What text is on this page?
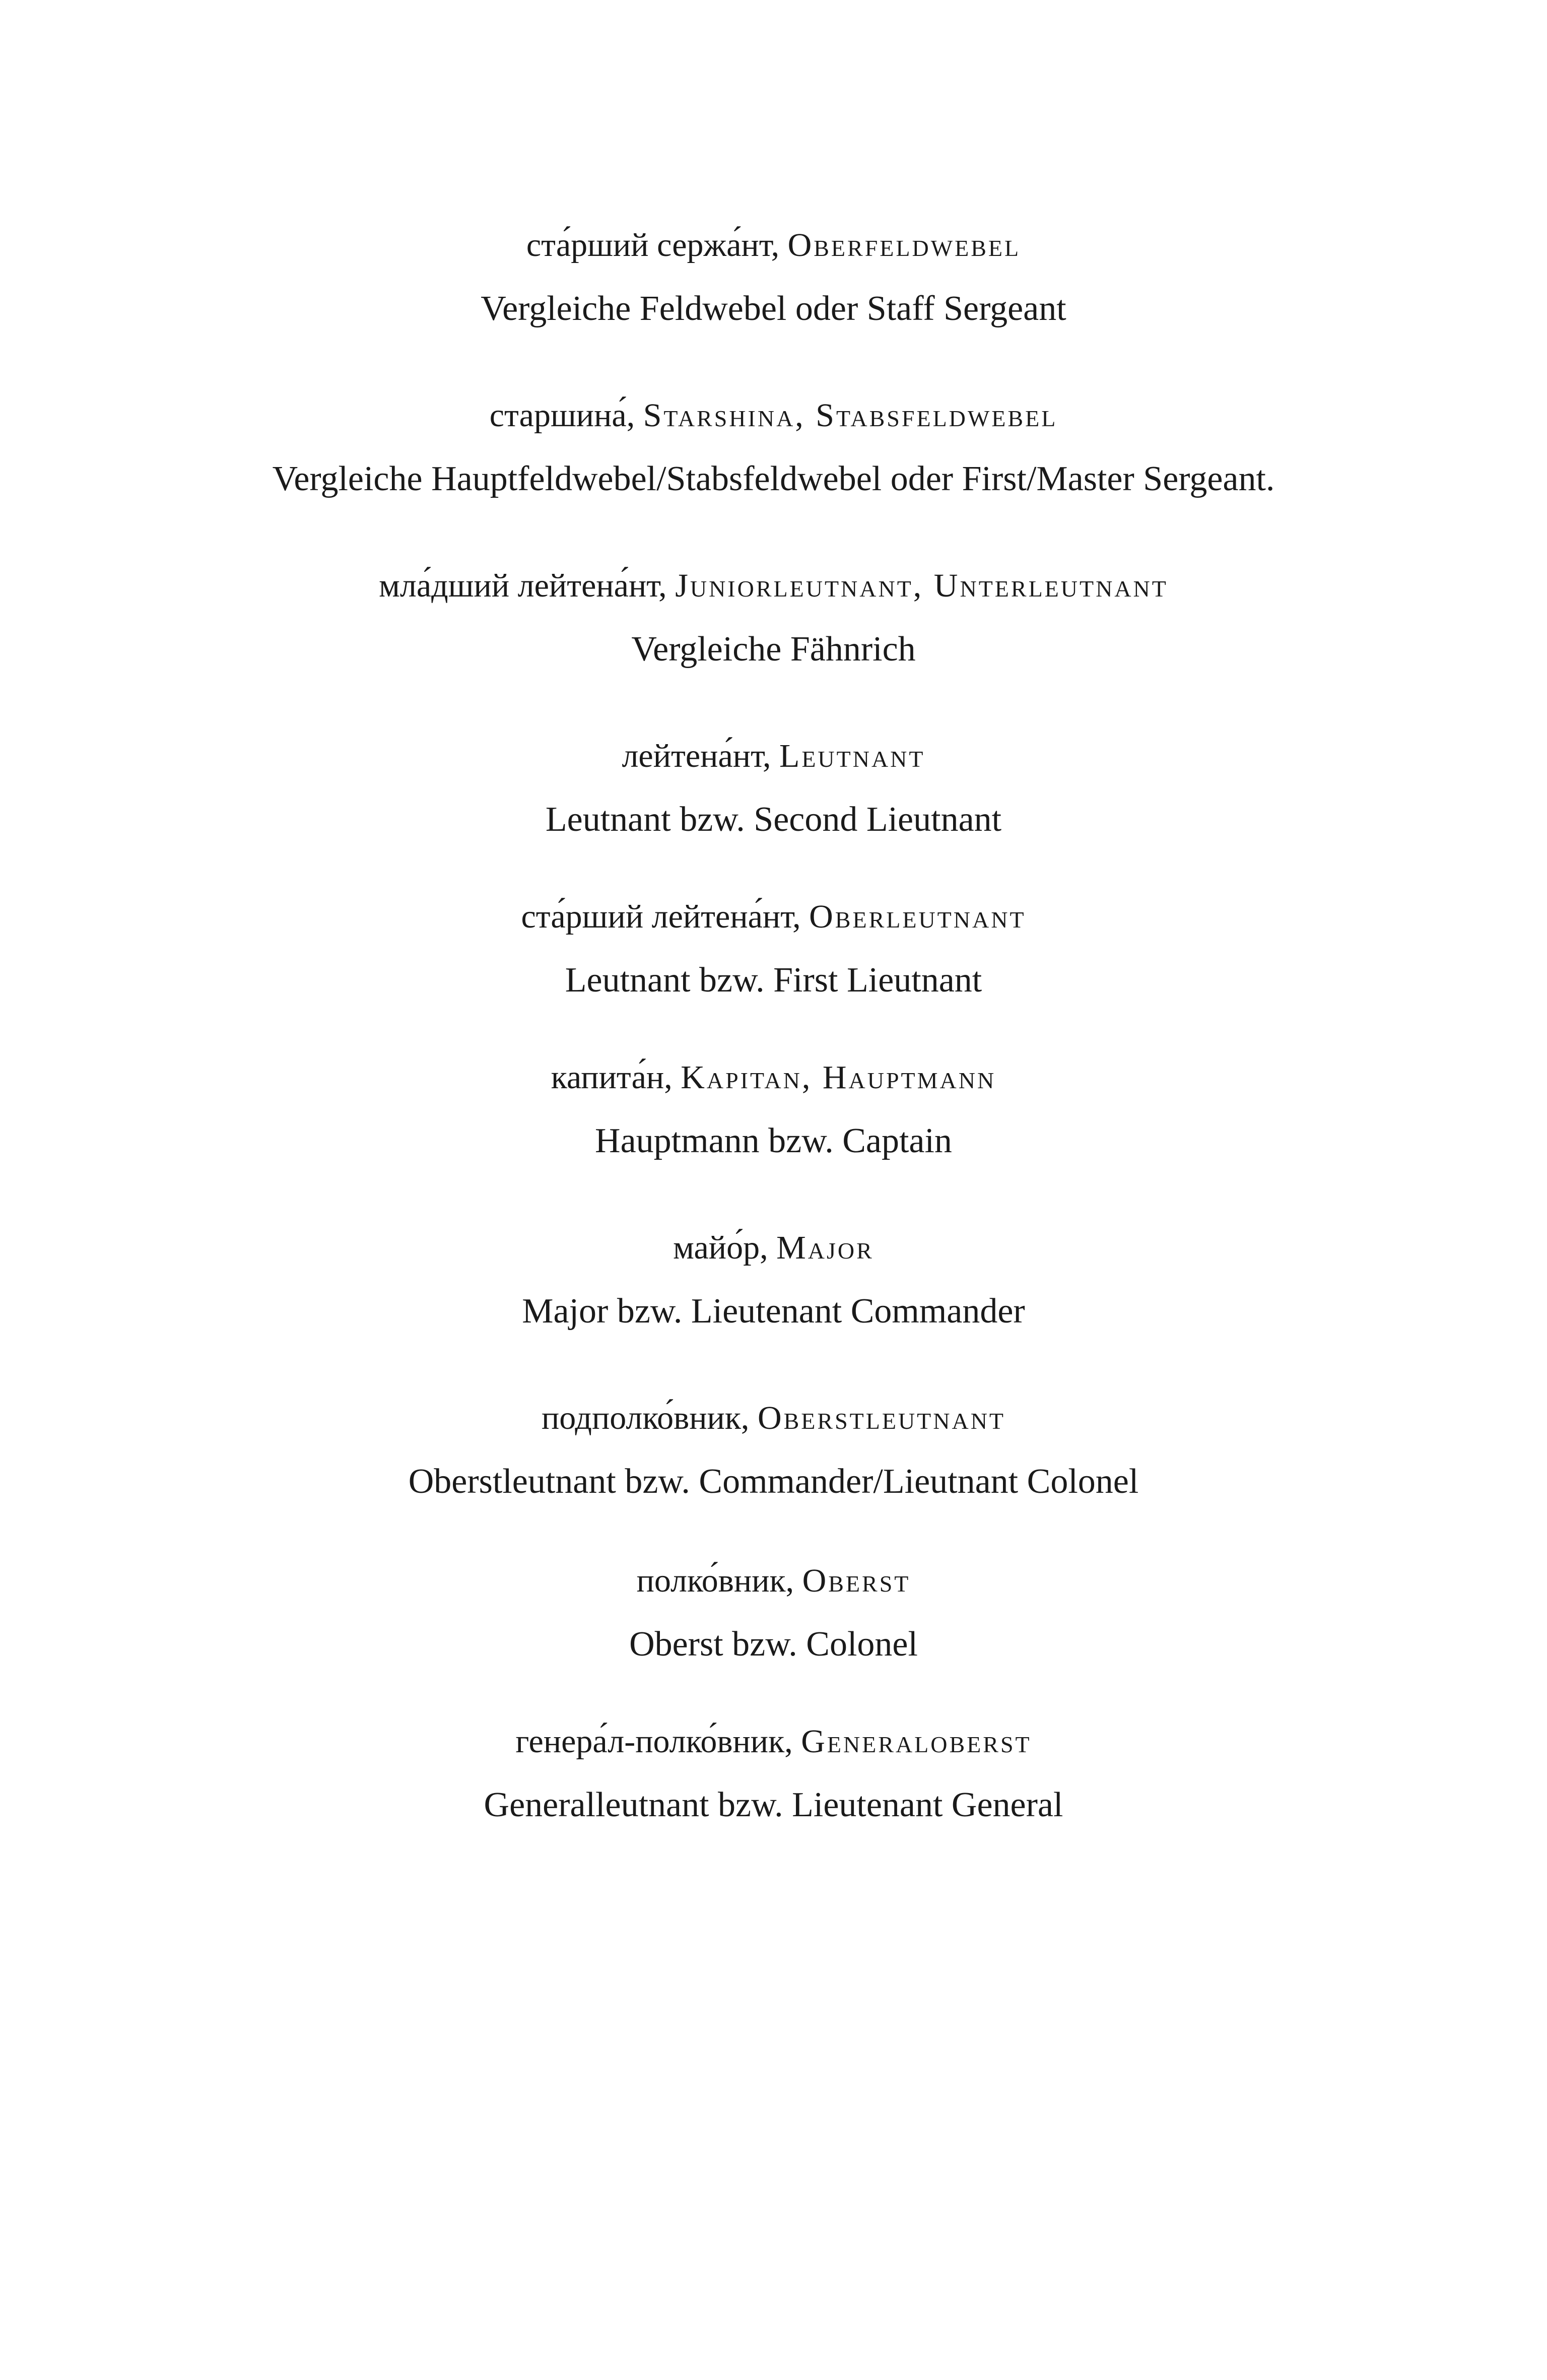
ста́рший сержа́нт, Oberfeldwebel
Vergleiche Feldwebel oder Staff Sergeant
старшина́, Starshina, Stabsfeldwebel
Vergleiche Hauptfeldwebel/Stabsfeldwebel oder First/Master Sergeant.
мла́дший лейтена́нт, Juniorleutnant, Unterleutnant
Vergleiche Fähnrich
лейтена́нт, Leutnant
Leutnant bzw. Second Lieutnant
ста́рший лейтена́нт, Oberleutnant
Leutnant bzw. First Lieutnant
капита́н, Kapitan, Hauptmann
Hauptmann bzw. Captain
майо́р, Major
Major bzw. Lieutenant Commander
подполко́вник, Oberstleutnant
Oberstleutnant bzw. Commander/Lieutnant Colonel
полко́вник, Oberst
Oberst bzw. Colonel
генера́л-полко́вник, Generaloberst
Generalleutnant bzw. Lieutenant General
